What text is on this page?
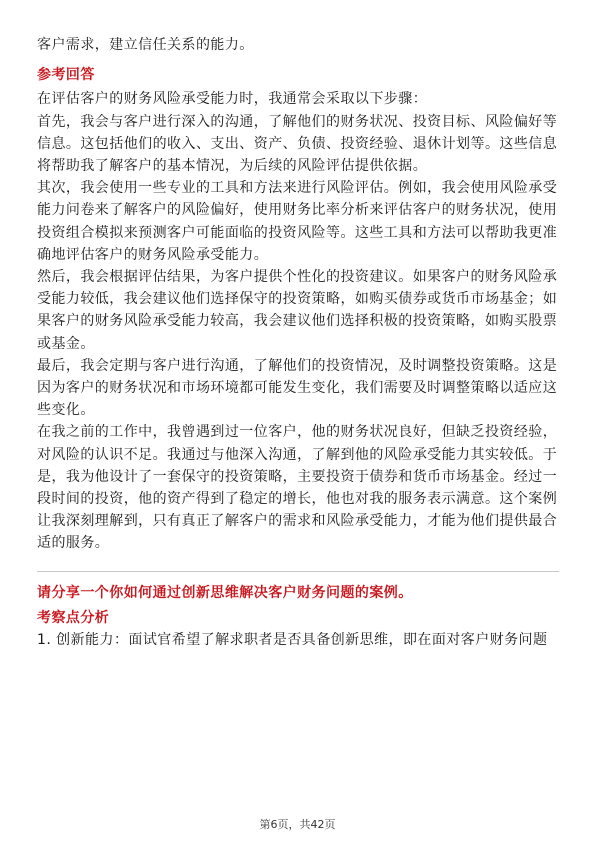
客户需求，建立信任关系的能力。
参考回答
在评估客户的财务风险承受能力时，我通常会采取以下步骤：
首先，我会与客户进行深入的沟通，了解他们的财务状况、投资目标、风险偏好等
信息。这包括他们的收入、支出、资产、负债、投资经验、退休计划等。这些信息
将帮助我了解客户的基本情况，为后续的风险评估提供依据。
其次，我会使用一些专业的工具和方法来进行风险评估。例如，我会使用风险承受
能力问卷来了解客户的风险偏好，使用财务比率分析来评估客户的财务状况，使用
投资组合模拟来预测客户可能面临的投资风险等。这些工具和方法可以帮助我更准
确地评估客户的财务风险承受能力。
然后，我会根据评估结果，为客户提供个性化的投资建议。如果客户的财务风险承
受能力较低，我会建议他们选择保守的投资策略，如购买债券或货币市场基金；如
果客户的财务风险承受能力较高，我会建议他们选择积极的投资策略，如购买股票
或基金。
最后，我会定期与客户进行沟通，了解他们的投资情况，及时调整投资策略。这是
因为客户的财务状况和市场环境都可能发生变化，我们需要及时调整策略以适应这
些变化。
在我之前的工作中，我曾遇到过一位客户，他的财务状况良好，但缺乏投资经验，
对风险的认识不足。我通过与他深入沟通，了解到他的风险承受能力其实较低。于
是，我为他设计了一套保守的投资策略，主要投资于债券和货币市场基金。经过一
段时间的投资，他的资产得到了稳定的增长，他也对我的服务表示满意。这个案例
让我深刻理解到，只有真正了解客户的需求和风险承受能力，才能为他们提供最合
适的服务。
请分享一个你如何通过创新思维解决客户财务问题的案例。
考察点分析
1. 创新能力：面试官希望了解求职者是否具备创新思维，即在面对客户财务问题
第6页，共42页
